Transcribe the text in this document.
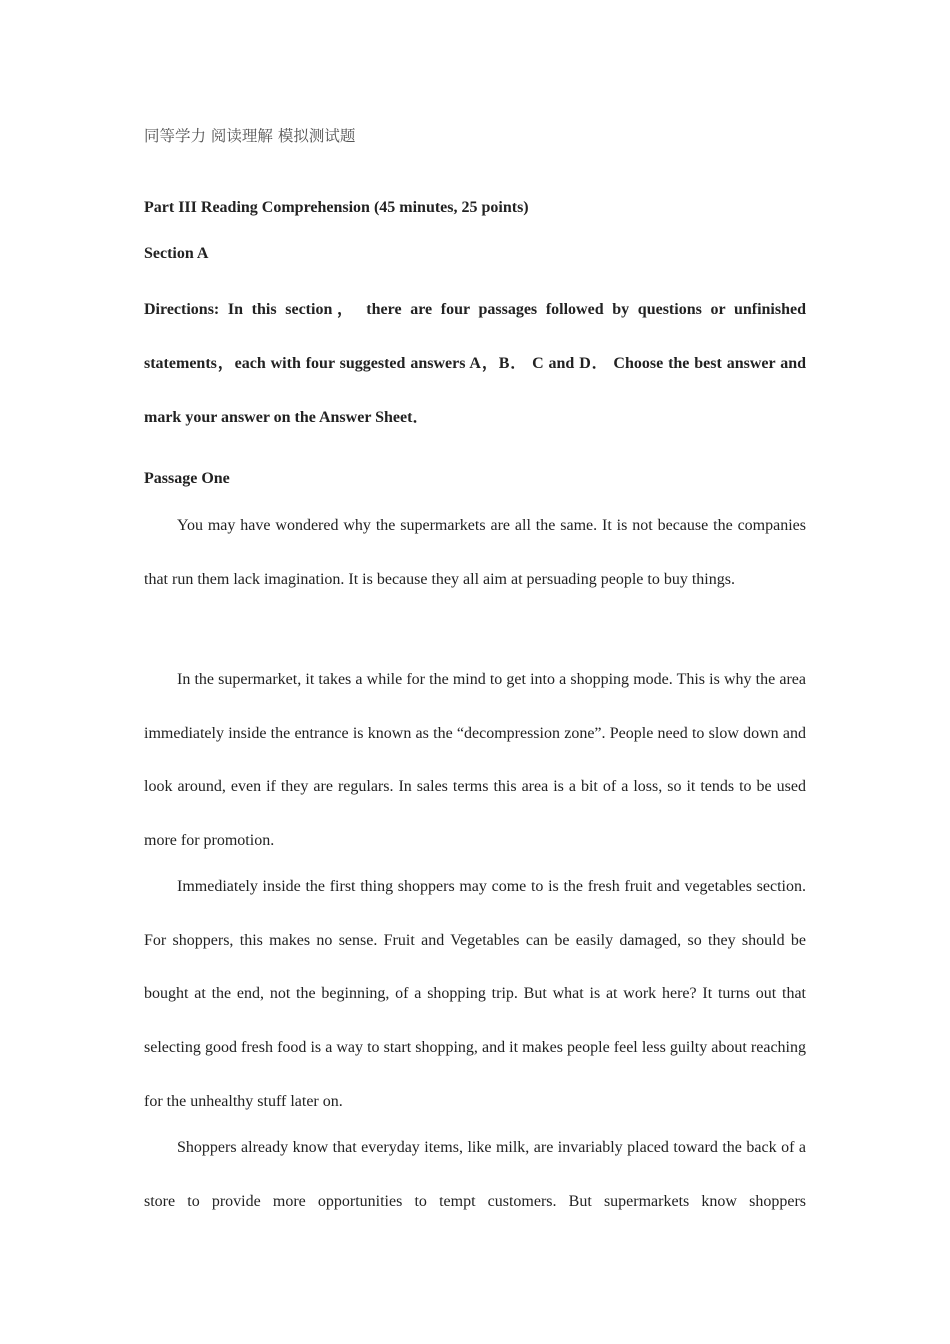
同等学力 阅读理解 模拟测试题
Part III Reading Comprehension (45 minutes, 25 points)
Section A
Directions: In this section， there are four passages followed by questions or unfinished statements，each with four suggested answers A，B． C and D． Choose the best answer and mark your answer on the Answer Sheet．
Passage One

You may have wondered why the supermarkets are all the same. It is not because the companies that run them lack imagination. It is because they all aim at persuading people to buy things.

In the supermarket, it takes a while for the mind to get into a shopping mode. This is why the area immediately inside the entrance is known as the “decompression zone”. People need to slow down and look around, even if they are regulars. In sales terms this area is a bit of a loss, so it tends to be used more for promotion.

Immediately inside the first thing shoppers may come to is the fresh fruit and vegetables section. For shoppers, this makes no sense. Fruit and Vegetables can be easily damaged, so they should be bought at the end, not the beginning, of a shopping trip. But what is at work here? It turns out that selecting good fresh food is a way to start shopping, and it makes people feel less guilty about reaching for the unhealthy stuff later on.

Shoppers already know that everyday items, like milk, are invariably placed toward the back of a store to provide more opportunities to tempt customers. But supermarkets know shoppers
